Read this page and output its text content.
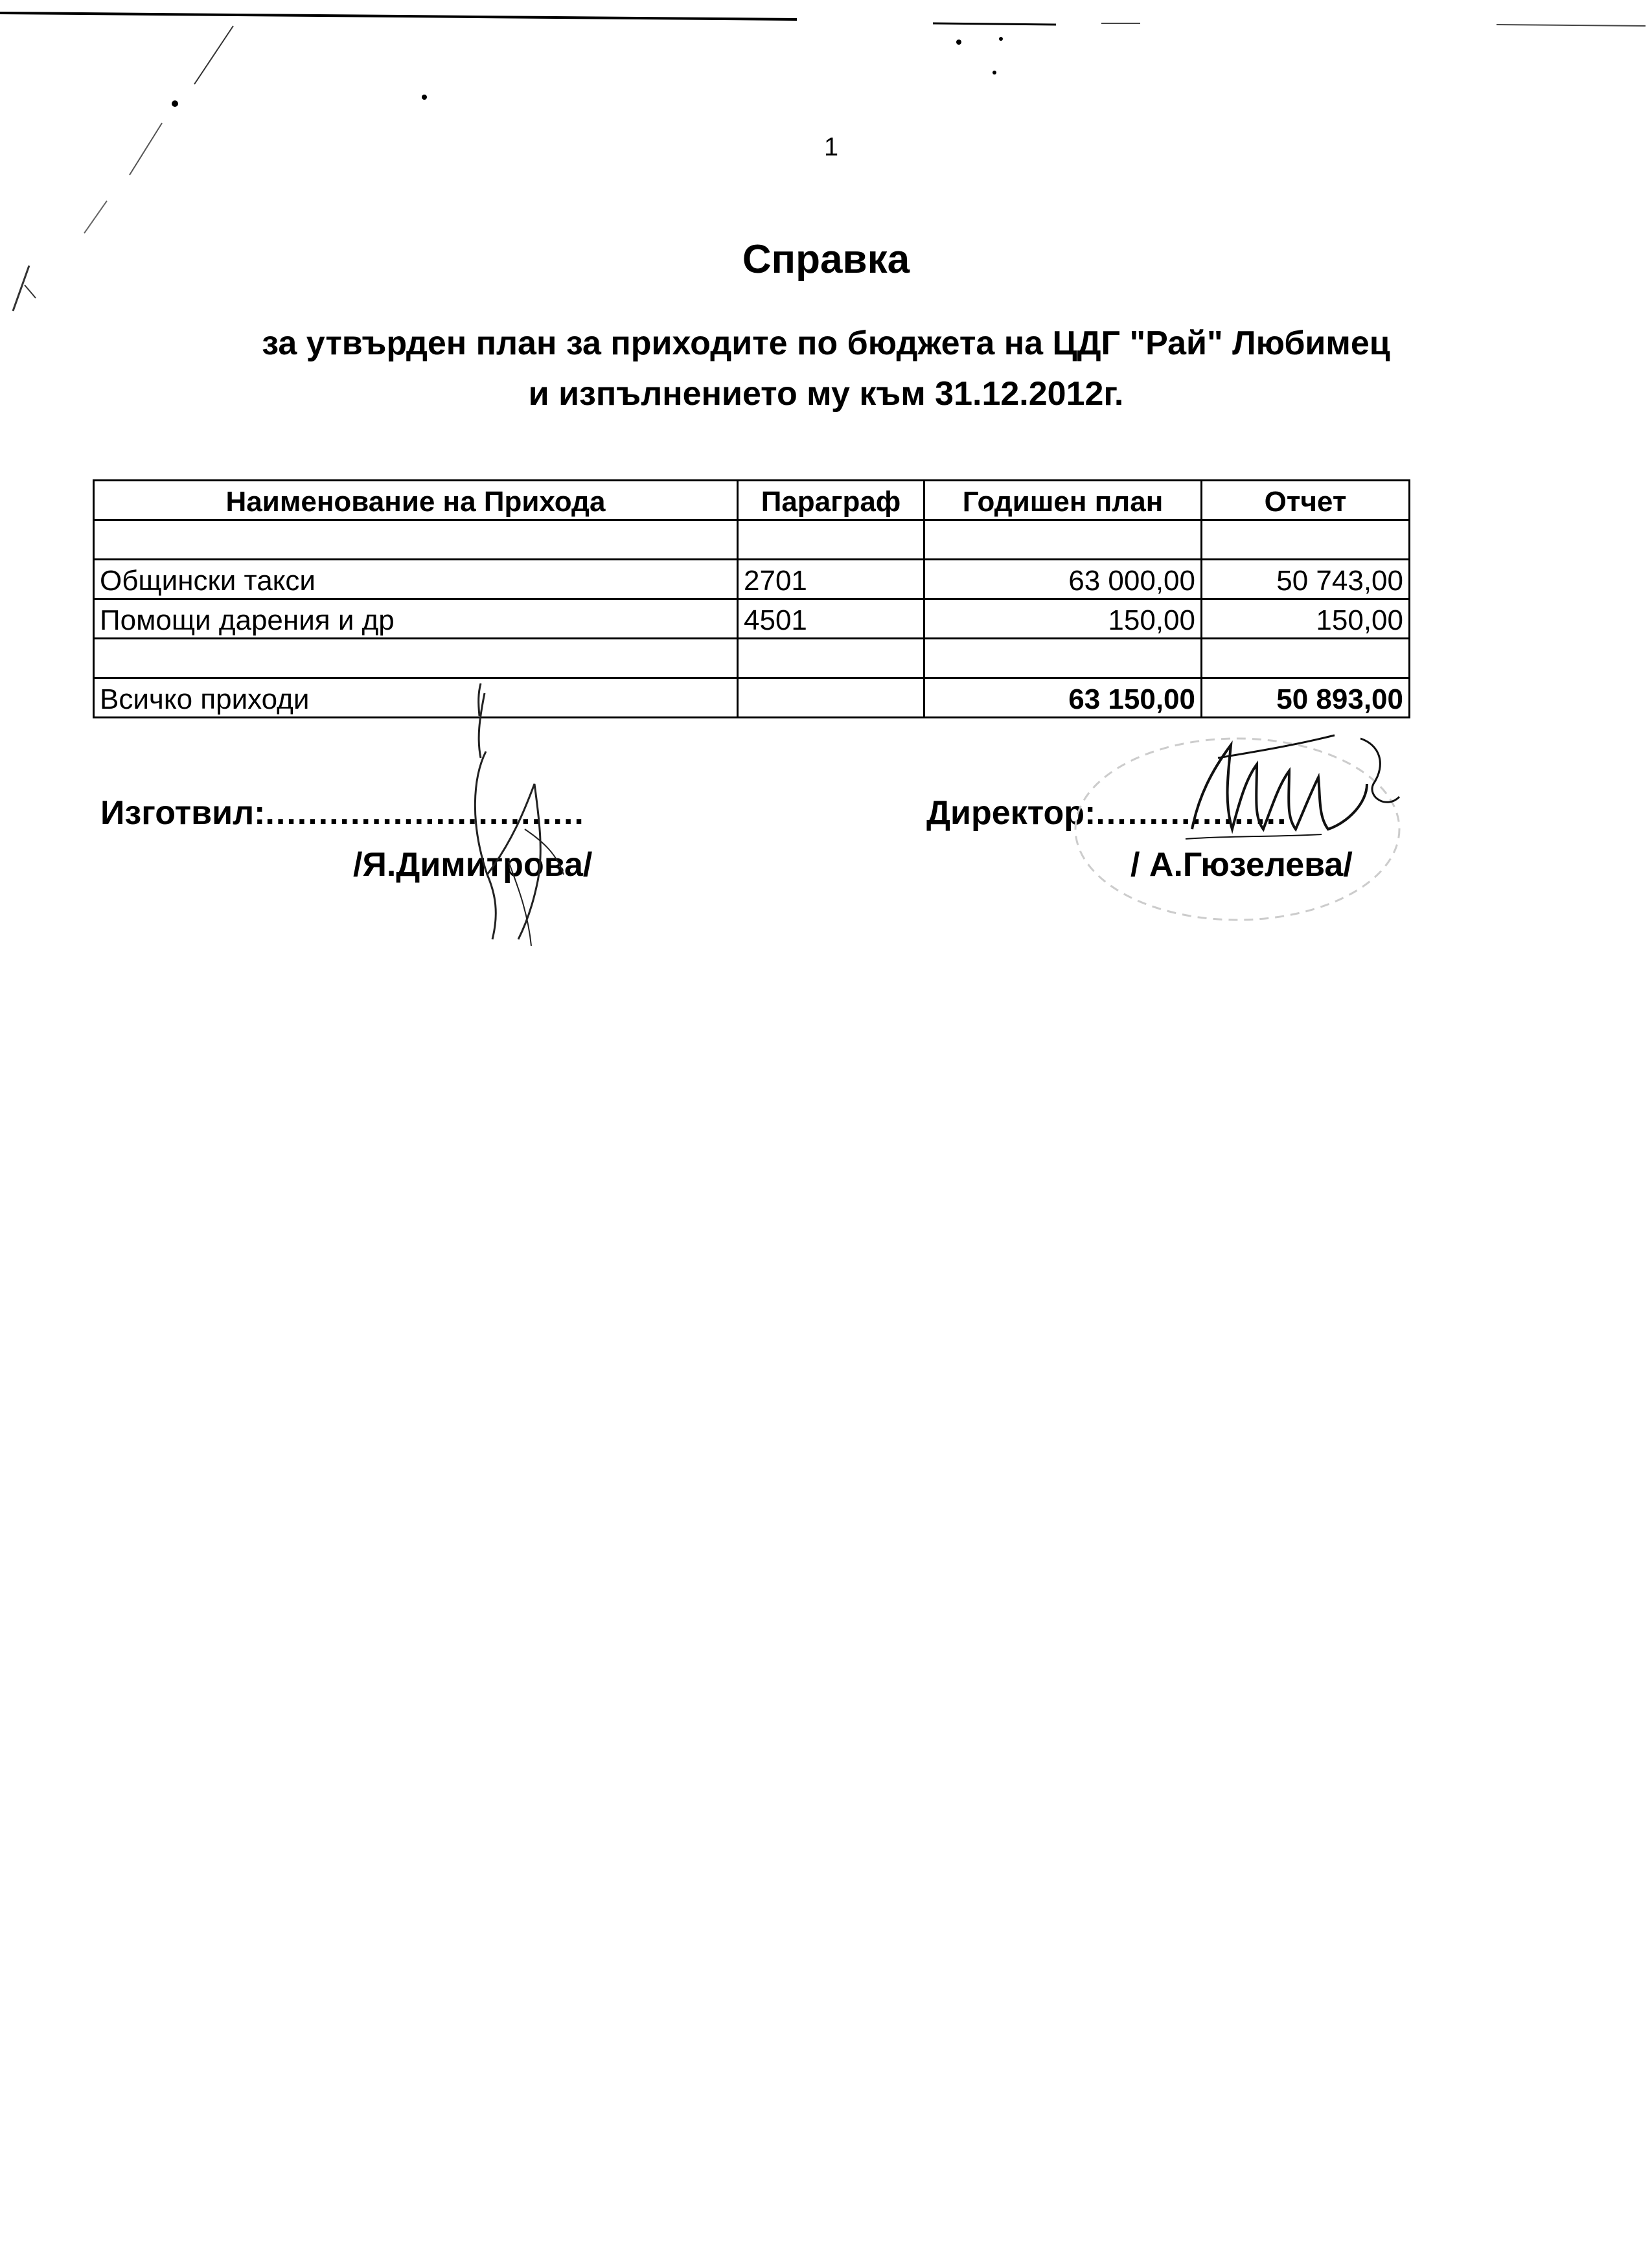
1
Справка
за утвърден план за приходите по бюджета на ЦДГ "Рай" Любимец
и изпълнението му към 31.12.2012г.
Наименование на Прихода	Параграф	Годишен план	Отчет

Общински такси	2701	63 000,00	50 743,00
Помощи дарения и др	4501	150,00	150,00

Всичко приходи		63 150,00	50 893,00
Изготвил:..............................
/Я.Димитрова/
Директор:..................
/ А.Гюзелева/
